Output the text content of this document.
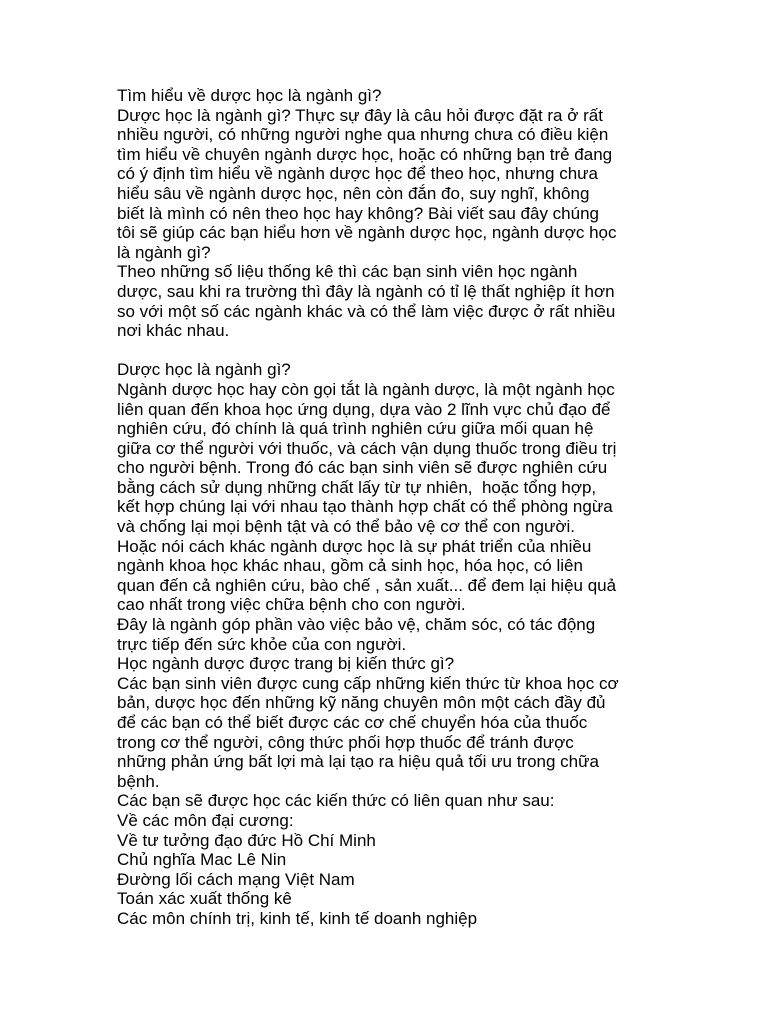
Tìm hiểu về dược học là ngành gì?
Dược học là ngành gì? Thực sự đây là câu hỏi được đặt ra ở rất
nhiều người, có những người nghe qua nhưng chưa có điều kiện
tìm hiểu về chuyên ngành dược học, hoặc có những bạn trẻ đang
có ý định tìm hiểu về ngành dược học để theo học, nhưng chưa
hiểu sâu về ngành dược học, nên còn đắn đo, suy nghĩ, không
biết là mình có nên theo học hay không? Bài viết sau đây chúng
tôi sẽ giúp các bạn hiểu hơn về ngành dược học, ngành dược học
là ngành gì?
Theo những số liệu thống kê thì các bạn sinh viên học ngành
dược, sau khi ra trường thì đây là ngành có tỉ lệ thất nghiệp ít hơn
so với một số các ngành khác và có thể làm việc được ở rất nhiều
nơi khác nhau.
Dược học là ngành gì?
Ngành dược học hay còn gọi tắt là ngành dược, là một ngành học
liên quan đến khoa học ứng dụng, dựa vào 2 lĩnh vực chủ đạo để
nghiên cứu, đó chính là quá trình nghiên cứu giữa mối quan hệ
giữa cơ thể người với thuốc, và cách vận dụng thuốc trong điều trị
cho người bệnh. Trong đó các bạn sinh viên sẽ được nghiên cứu
bằng cách sử dụng những chất lấy từ tự nhiên,  hoặc tổng hợp,
kết hợp chúng lại với nhau tạo thành hợp chất có thể phòng ngừa
và chống lại mọi bệnh tật và có thể bảo vệ cơ thể con người.
Hoặc nói cách khác ngành dược học là sự phát triển của nhiều
ngành khoa học khác nhau, gồm cả sinh học, hóa học, có liên
quan đến cả nghiên cứu, bào chế , sản xuất... để đem lại hiệu quả
cao nhất trong việc chữa bệnh cho con người.
Đây là ngành góp phần vào việc bảo vệ, chăm sóc, có tác động
trực tiếp đến sức khỏe của con người.
Học ngành dược được trang bị kiến thức gì?
Các bạn sinh viên được cung cấp những kiến thức từ khoa học cơ
bản, dược học đến những kỹ năng chuyên môn một cách đầy đủ
để các bạn có thể biết được các cơ chế chuyển hóa của thuốc
trong cơ thể người, công thức phối hợp thuốc để tránh được
những phản ứng bất lợi mà lại tạo ra hiệu quả tối ưu trong chữa
bệnh.
Các bạn sẽ được học các kiến thức có liên quan như sau:
Về các môn đại cương:
Về tư tưởng đạo đức Hồ Chí Minh
Chủ nghĩa Mac Lê Nin
Đường lối cách mạng Việt Nam
Toán xác xuất thống kê
Các môn chính trị, kinh tế, kinh tế doanh nghiệp
